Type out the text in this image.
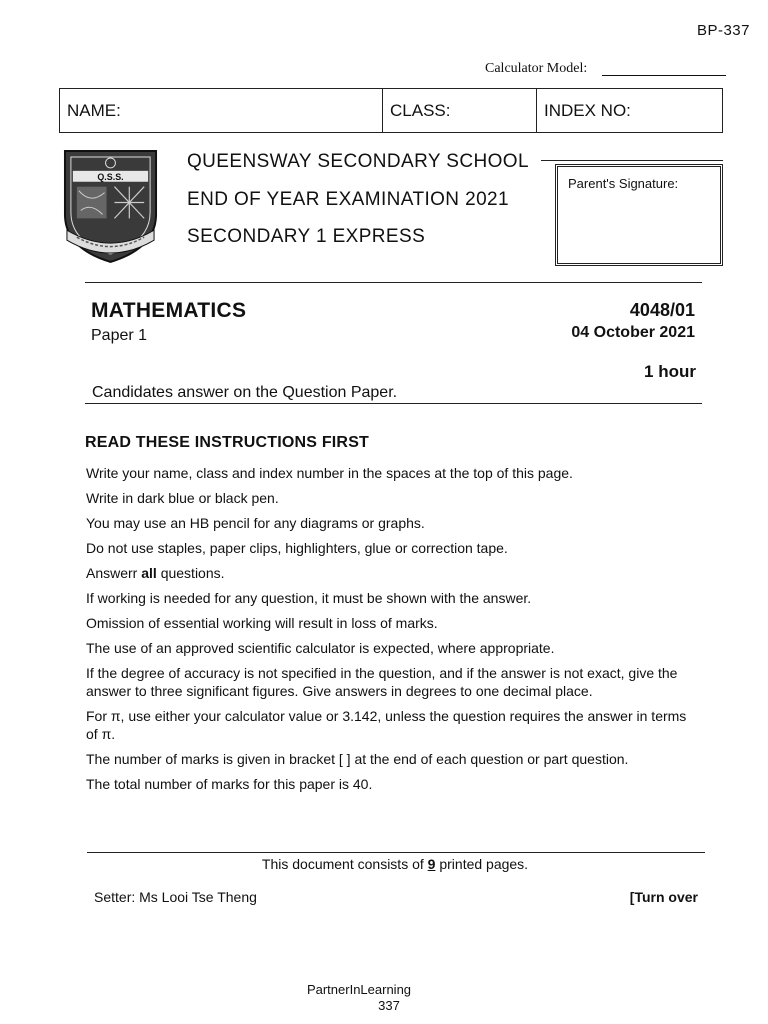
BP-337
Calculator Model:
NAME:	CLASS:	INDEX NO:
Q.S.S.
QUEENSWAY SECONDARY SCHOOL
END OF YEAR EXAMINATION 2021
SECONDARY 1 EXPRESS
Parent's Signature:
MATHEMATICS
Paper 1
4048/01
04 October 2021
1 hour
Candidates answer on the Question Paper.
READ THESE INSTRUCTIONS FIRST
Write your name, class and index number in the spaces at the top of this page.
Write in dark blue or black pen.
You may use an HB pencil for any diagrams or graphs.
Do not use staples, paper clips, highlighters, glue or correction tape.
Answerr all questions.
If working is needed for any question, it must be shown with the answer.
Omission of essential working will result in loss of marks.
The use of an approved scientific calculator is expected, where appropriate.
If the degree of accuracy is not specified in the question, and if the answer is not exact, give the answer to three significant figures. Give answers in degrees to one decimal place.
For π, use either your calculator value or 3.142, unless the question requires the answer in terms of π.
The number of marks is given in bracket [ ] at the end of each question or part question.
The total number of marks for this paper is 40.
This document consists of 9 printed pages.
Setter: Ms Looi Tse Theng	[Turn over
PartnerInLearning
337
